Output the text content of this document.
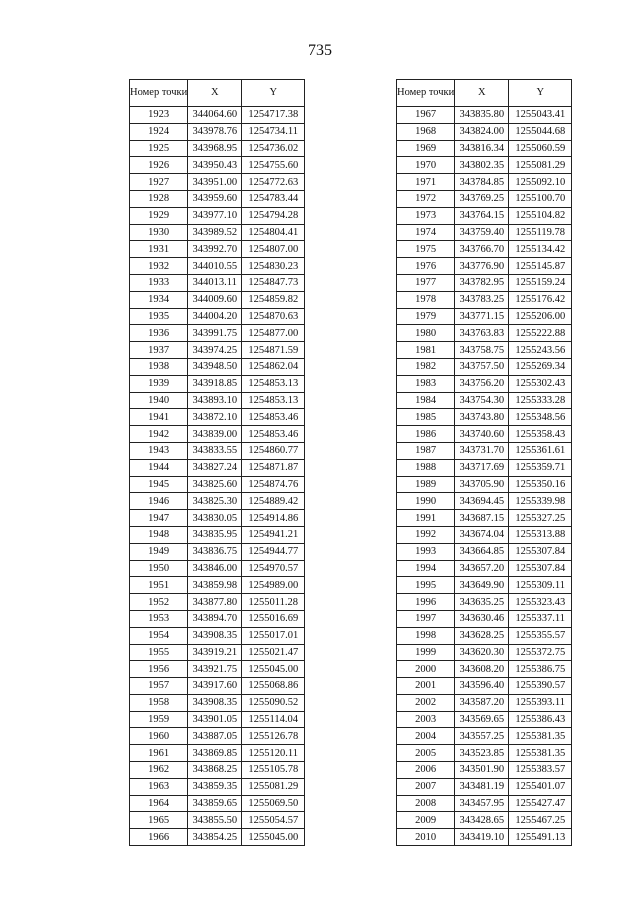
735
Номер точки	X	Y
1923	344064.60	1254717.38
1924	343978.76	1254734.11
1925	343968.95	1254736.02
1926	343950.43	1254755.60
1927	343951.00	1254772.63
1928	343959.60	1254783.44
1929	343977.10	1254794.28
1930	343989.52	1254804.41
1931	343992.70	1254807.00
1932	344010.55	1254830.23
1933	344013.11	1254847.73
1934	344009.60	1254859.82
1935	344004.20	1254870.63
1936	343991.75	1254877.00
1937	343974.25	1254871.59
1938	343948.50	1254862.04
1939	343918.85	1254853.13
1940	343893.10	1254853.13
1941	343872.10	1254853.46
1942	343839.00	1254853.46
1943	343833.55	1254860.77
1944	343827.24	1254871.87
1945	343825.60	1254874.76
1946	343825.30	1254889.42
1947	343830.05	1254914.86
1948	343835.95	1254941.21
1949	343836.75	1254944.77
1950	343846.00	1254970.57
1951	343859.98	1254989.00
1952	343877.80	1255011.28
1953	343894.70	1255016.69
1954	343908.35	1255017.01
1955	343919.21	1255021.47
1956	343921.75	1255045.00
1957	343917.60	1255068.86
1958	343908.35	1255090.52
1959	343901.05	1255114.04
1960	343887.05	1255126.78
1961	343869.85	1255120.11
1962	343868.25	1255105.78
1963	343859.35	1255081.29
1964	343859.65	1255069.50
1965	343855.50	1255054.57
1966	343854.25	1255045.00
Номер точки	X	Y
1967	343835.80	1255043.41
1968	343824.00	1255044.68
1969	343816.34	1255060.59
1970	343802.35	1255081.29
1971	343784.85	1255092.10
1972	343769.25	1255100.70
1973	343764.15	1255104.82
1974	343759.40	1255119.78
1975	343766.70	1255134.42
1976	343776.90	1255145.87
1977	343782.95	1255159.24
1978	343783.25	1255176.42
1979	343771.15	1255206.00
1980	343763.83	1255222.88
1981	343758.75	1255243.56
1982	343757.50	1255269.34
1983	343756.20	1255302.43
1984	343754.30	1255333.28
1985	343743.80	1255348.56
1986	343740.60	1255358.43
1987	343731.70	1255361.61
1988	343717.69	1255359.71
1989	343705.90	1255350.16
1990	343694.45	1255339.98
1991	343687.15	1255327.25
1992	343674.04	1255313.88
1993	343664.85	1255307.84
1994	343657.20	1255307.84
1995	343649.90	1255309.11
1996	343635.25	1255323.43
1997	343630.46	1255337.11
1998	343628.25	1255355.57
1999	343620.30	1255372.75
2000	343608.20	1255386.75
2001	343596.40	1255390.57
2002	343587.20	1255393.11
2003	343569.65	1255386.43
2004	343557.25	1255381.35
2005	343523.85	1255381.35
2006	343501.90	1255383.57
2007	343481.19	1255401.07
2008	343457.95	1255427.47
2009	343428.65	1255467.25
2010	343419.10	1255491.13
